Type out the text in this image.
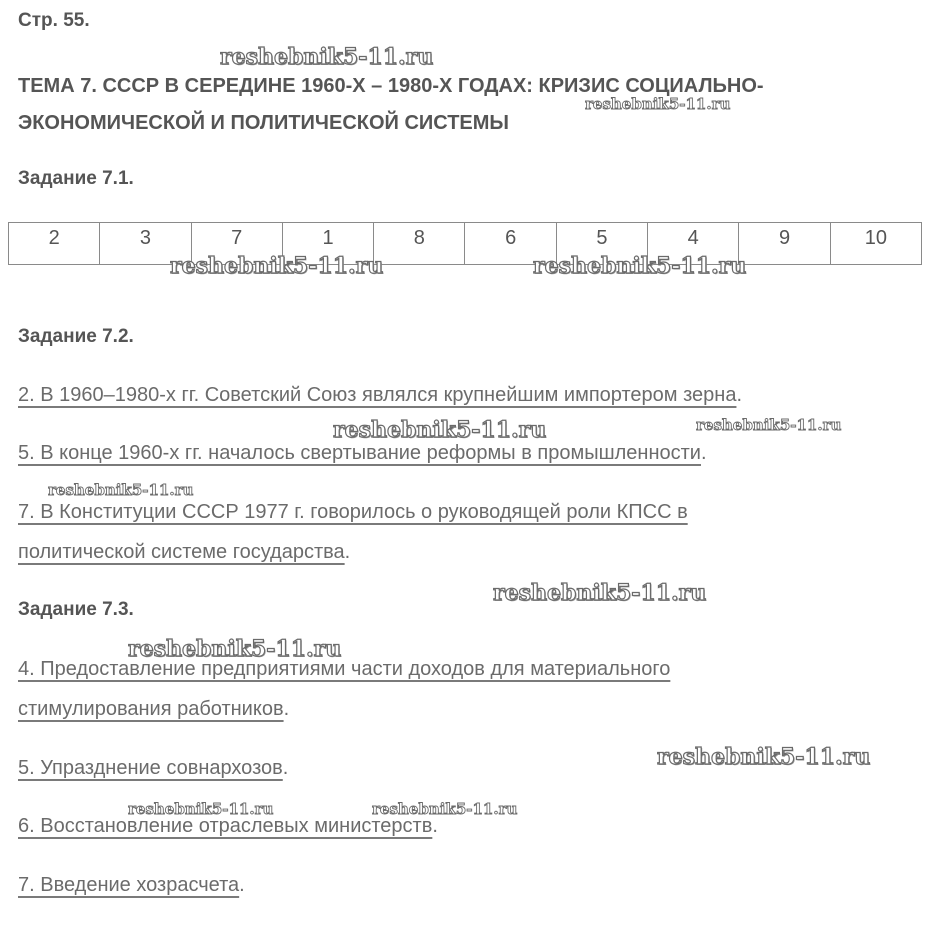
Стр. 55.
ТЕМА 7. СССР В СЕРЕДИНЕ 1960-Х – 1980-Х ГОДАХ: КРИЗИС СОЦИАЛЬНО-
ЭКОНОМИЧЕСКОЙ И ПОЛИТИЧЕСКОЙ СИСТЕМЫ
Задание 7.1.
2	3	7	1	8	6	5	4	9	10
Задание 7.2.
2. В 1960–1980-х гг. Советский Союз являлся крупнейшим импортером зерна.
5. В конце 1960-х гг. началось свертывание реформы в промышленности.
7. В Конституции СССР 1977 г. говорилось о руководящей роли КПСС в
политической системе государства.
Задание 7.3.
4. Предоставление предприятиями части доходов для материального
стимулирования работников.
5. Упразднение совнархозов.
6. Восстановление отраслевых министерств.
7. Введение хозрасчета.
reshebnik5-11.ru
reshebnik5-11.ru
reshebnik5-11.ru	reshebnik5-11.ru
reshebnik5-11.ru	reshebnik5-11.ru
reshebnik5-11.ru
reshebnik5-11.ru
reshebnik5-11.ru
reshebnik5-11.ru
reshebnik5-11.ru	reshebnik5-11.ru
